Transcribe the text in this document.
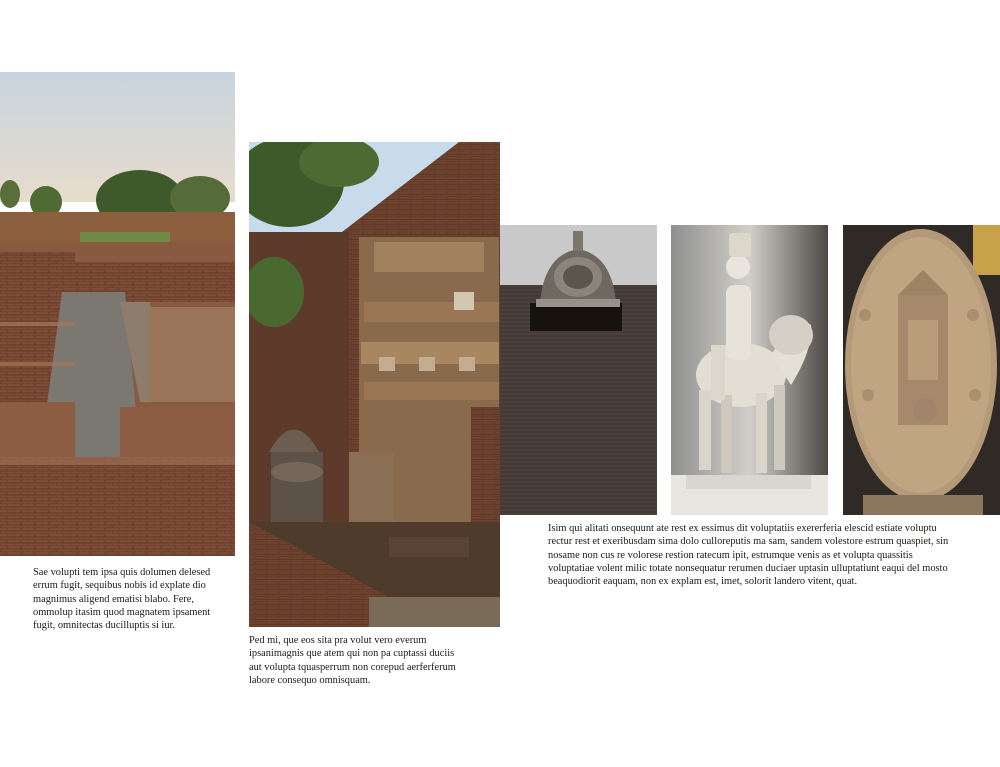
Sae volupti tem ipsa quis dolumen delesed errum fugit, sequibus nobis id explate dio magnimus aligend ematisi blabo. Fere, ommolup itasim quod magnatem ipsament fugit, omnitectas ducilluptis si iur.

Ped mi, que eos sita pra volut vero everum ipsanimagnis que atem qui non pa cuptassi duciis aut volupta tquasperrum non corepud aerferferum labore consequo omnisquam.

Isim qui alitati onsequunt ate rest ex essimus dit voluptatiis exererferia elescid estiate voluptu rectur rest et exeribusdam sima dolo culloreputis ma sam, sandem volestore estrum quaspiet, sin nosame non cus re volorese restion ratecum ipit, estrumque venis as et volupta quassitis voluptatiae volent milic totate nonsequatur rerumen duciaer uptasin ulluptatiunt eaqui del mosto beaquodiorit eaquam, non ex explam est, imet, solorit landero vitent, quat.
